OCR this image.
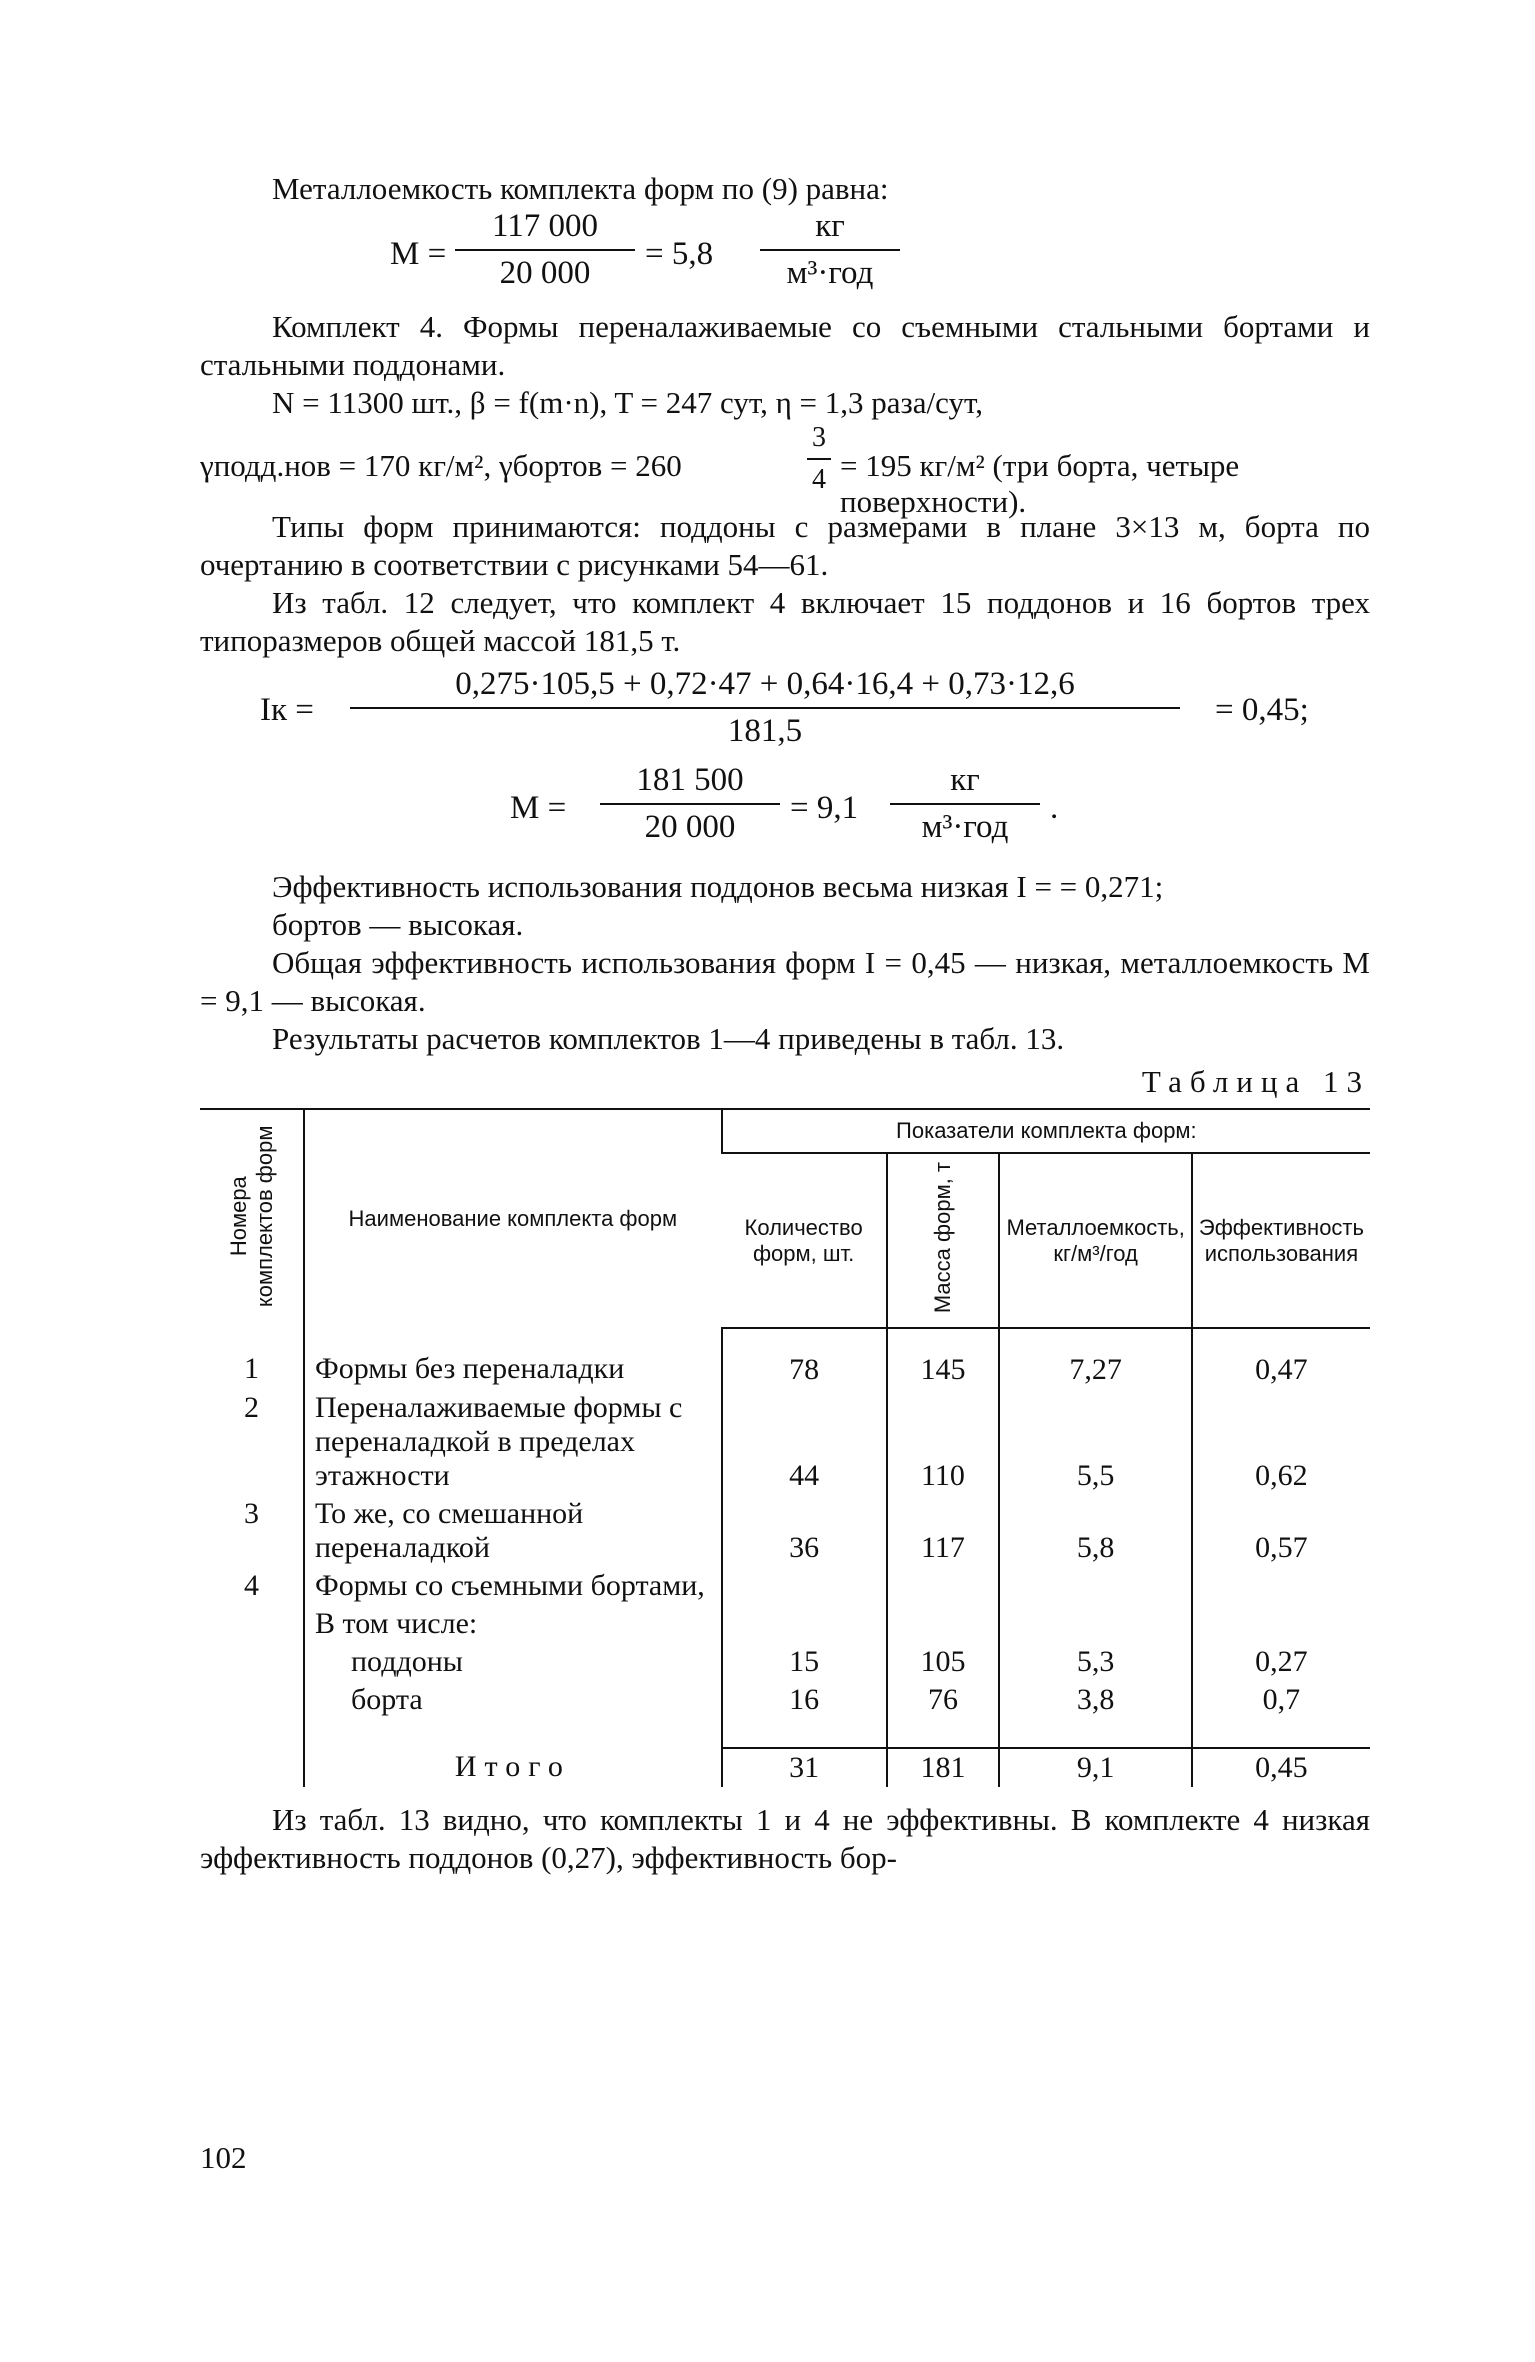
Металлоемкость комплекта форм по (9) равна:

$M = \frac{117 000}{20 000} = 5,8$
кг
м³·год

Комплект 4. Формы переналаживаемые со съемными стальными бортами и стальными поддонами.

N = 11300 шт., β = f(m·n), T = 247 сут, η = 1,3 раза/сут,

γподд.нов = 170 кг/м², γбортов = 260	$\frac{3}{4} = 195$ кг/м² (три борта, четыре поверхности).

Типы форм принимаются: поддоны с размерами в плане 3×13 м, борта по очертанию в соответствии с рисунками 54—61.

Из табл. 12 следует, что комплект 4 включает 15 поддонов и 16 бортов трех типоразмеров общей массой 181,5 т.

Iк = $\frac{0,275\cdot 105,5 + 0,72\cdot 47 + 0,64\cdot 16,4 + 0,73\cdot 12,6}{181,5} = 0,45$;
$M = \frac{181 500}{20 000} = 9,1$
кг
м³·год
.

Эффективность использования поддонов весьма низкая I = = 0,271;

бортов — высокая.

Общая эффективность использования форм I = 0,45 — низкая, металлоемкость M = 9,1 — высокая.

Результаты расчетов комплектов 1—4 приведены в табл. 13.

Таблица 13
Номера комплектов форм	Наименование комплекта форм	Показатели комплекта форм:			
		Количество форм, шт.	Масса форм, т	Металлоемкость, кг/м³/год	Эффективность использования
1	Формы без переналадки	78	145	7,27	0,47
2	Переналаживаемые формы с переналадкой в пределах этажности	44	110	5,5	0,62
3	То же, со смешанной переналадкой	36	117	5,8	0,57
4	Формы со съемными бортами,				
	В том числе:				
	поддоны	15	105	5,3	0,27
	борта	16	76	3,8	0,7
	Итого	31	181	9,1	0,45

Из табл. 13 видно, что комплекты 1 и 4 не эффективны. В комплекте 4 низкая эффективность поддонов (0,27), эффективность бор-

102
